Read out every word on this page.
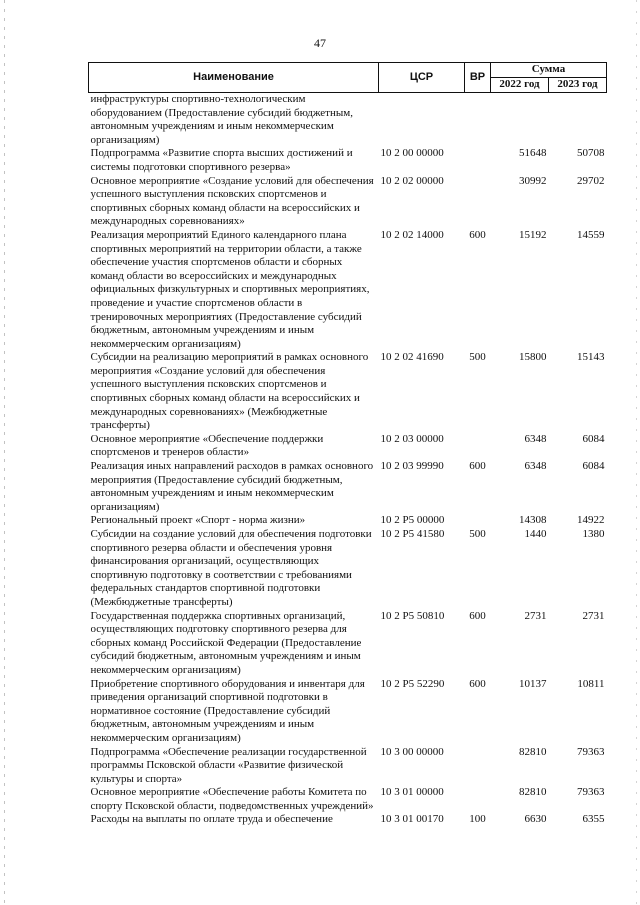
47
Наименование	ЦСР	ВР	Сумма	
			2022 год	2023 год
инфраструктуры спортивно-технологическим оборудованием (Предоставление субсидий бюджетным, автономным учреждениям и иным некоммерческим организациям)				
Подпрограмма «Развитие спорта высших достижений и системы подготовки спортивного резерва»	10 2 00 00000		51648	50708
Основное мероприятие «Создание условий для обеспечения успешного выступления псковских спортсменов и спортивных сборных команд области на всероссийских и международных соревнованиях»	10 2 02 00000		30992	29702
Реализация мероприятий Единого календарного плана спортивных мероприятий на территории области, а также обеспечение участия спортсменов области и сборных команд области во всероссийских и международных официальных физкультурных и спортивных мероприятиях, проведение и участие спортсменов области в тренировочных мероприятиях (Предоставление субсидий бюджетным, автономным учреждениям и иным некоммерческим организациям)	10 2 02 14000	600	15192	14559
Субсидии на реализацию мероприятий в рамках основного мероприятия «Создание условий для обеспечения успешного выступления псковских спортсменов и спортивных сборных команд области на всероссийских и международных соревнованиях» (Межбюджетные трансферты)	10 2 02 41690	500	15800	15143
Основное мероприятие «Обеспечение поддержки спортсменов и тренеров области»	10 2 03 00000		6348	6084
Реализация иных направлений расходов в рамках основного мероприятия (Предоставление субсидий бюджетным, автономным учреждениям и иным некоммерческим организациям)	10 2 03 99990	600	6348	6084
Региональный проект «Спорт - норма жизни»	10 2 P5 00000		14308	14922
Субсидии на создание условий для обеспечения подготовки спортивного резерва области и обеспечения уровня финансирования организаций, осуществляющих спортивную подготовку в соответствии с требованиями федеральных стандартов спортивной подготовки (Межбюджетные трансферты)	10 2 P5 41580	500	1440	1380
Государственная поддержка спортивных организаций, осуществляющих подготовку спортивного резерва для сборных команд Российской Федерации (Предоставление субсидий бюджетным, автономным учреждениям и иным некоммерческим организациям)	10 2 P5 50810	600	2731	2731
Приобретение спортивного оборудования и инвентаря для приведения организаций спортивной подготовки в нормативное состояние (Предоставление субсидий бюджетным, автономным учреждениям и иным некоммерческим организациям)	10 2 P5 52290	600	10137	10811
Подпрограмма «Обеспечение реализации государственной программы Псковской области «Развитие физической культуры и спорта»	10 3 00 00000		82810	79363
Основное мероприятие «Обеспечение работы Комитета по спорту Псковской области, подведомственных учреждений»	10 3 01 00000		82810	79363
Расходы на выплаты по оплате труда и обеспечение	10 3 01 00170	100	6630	6355
